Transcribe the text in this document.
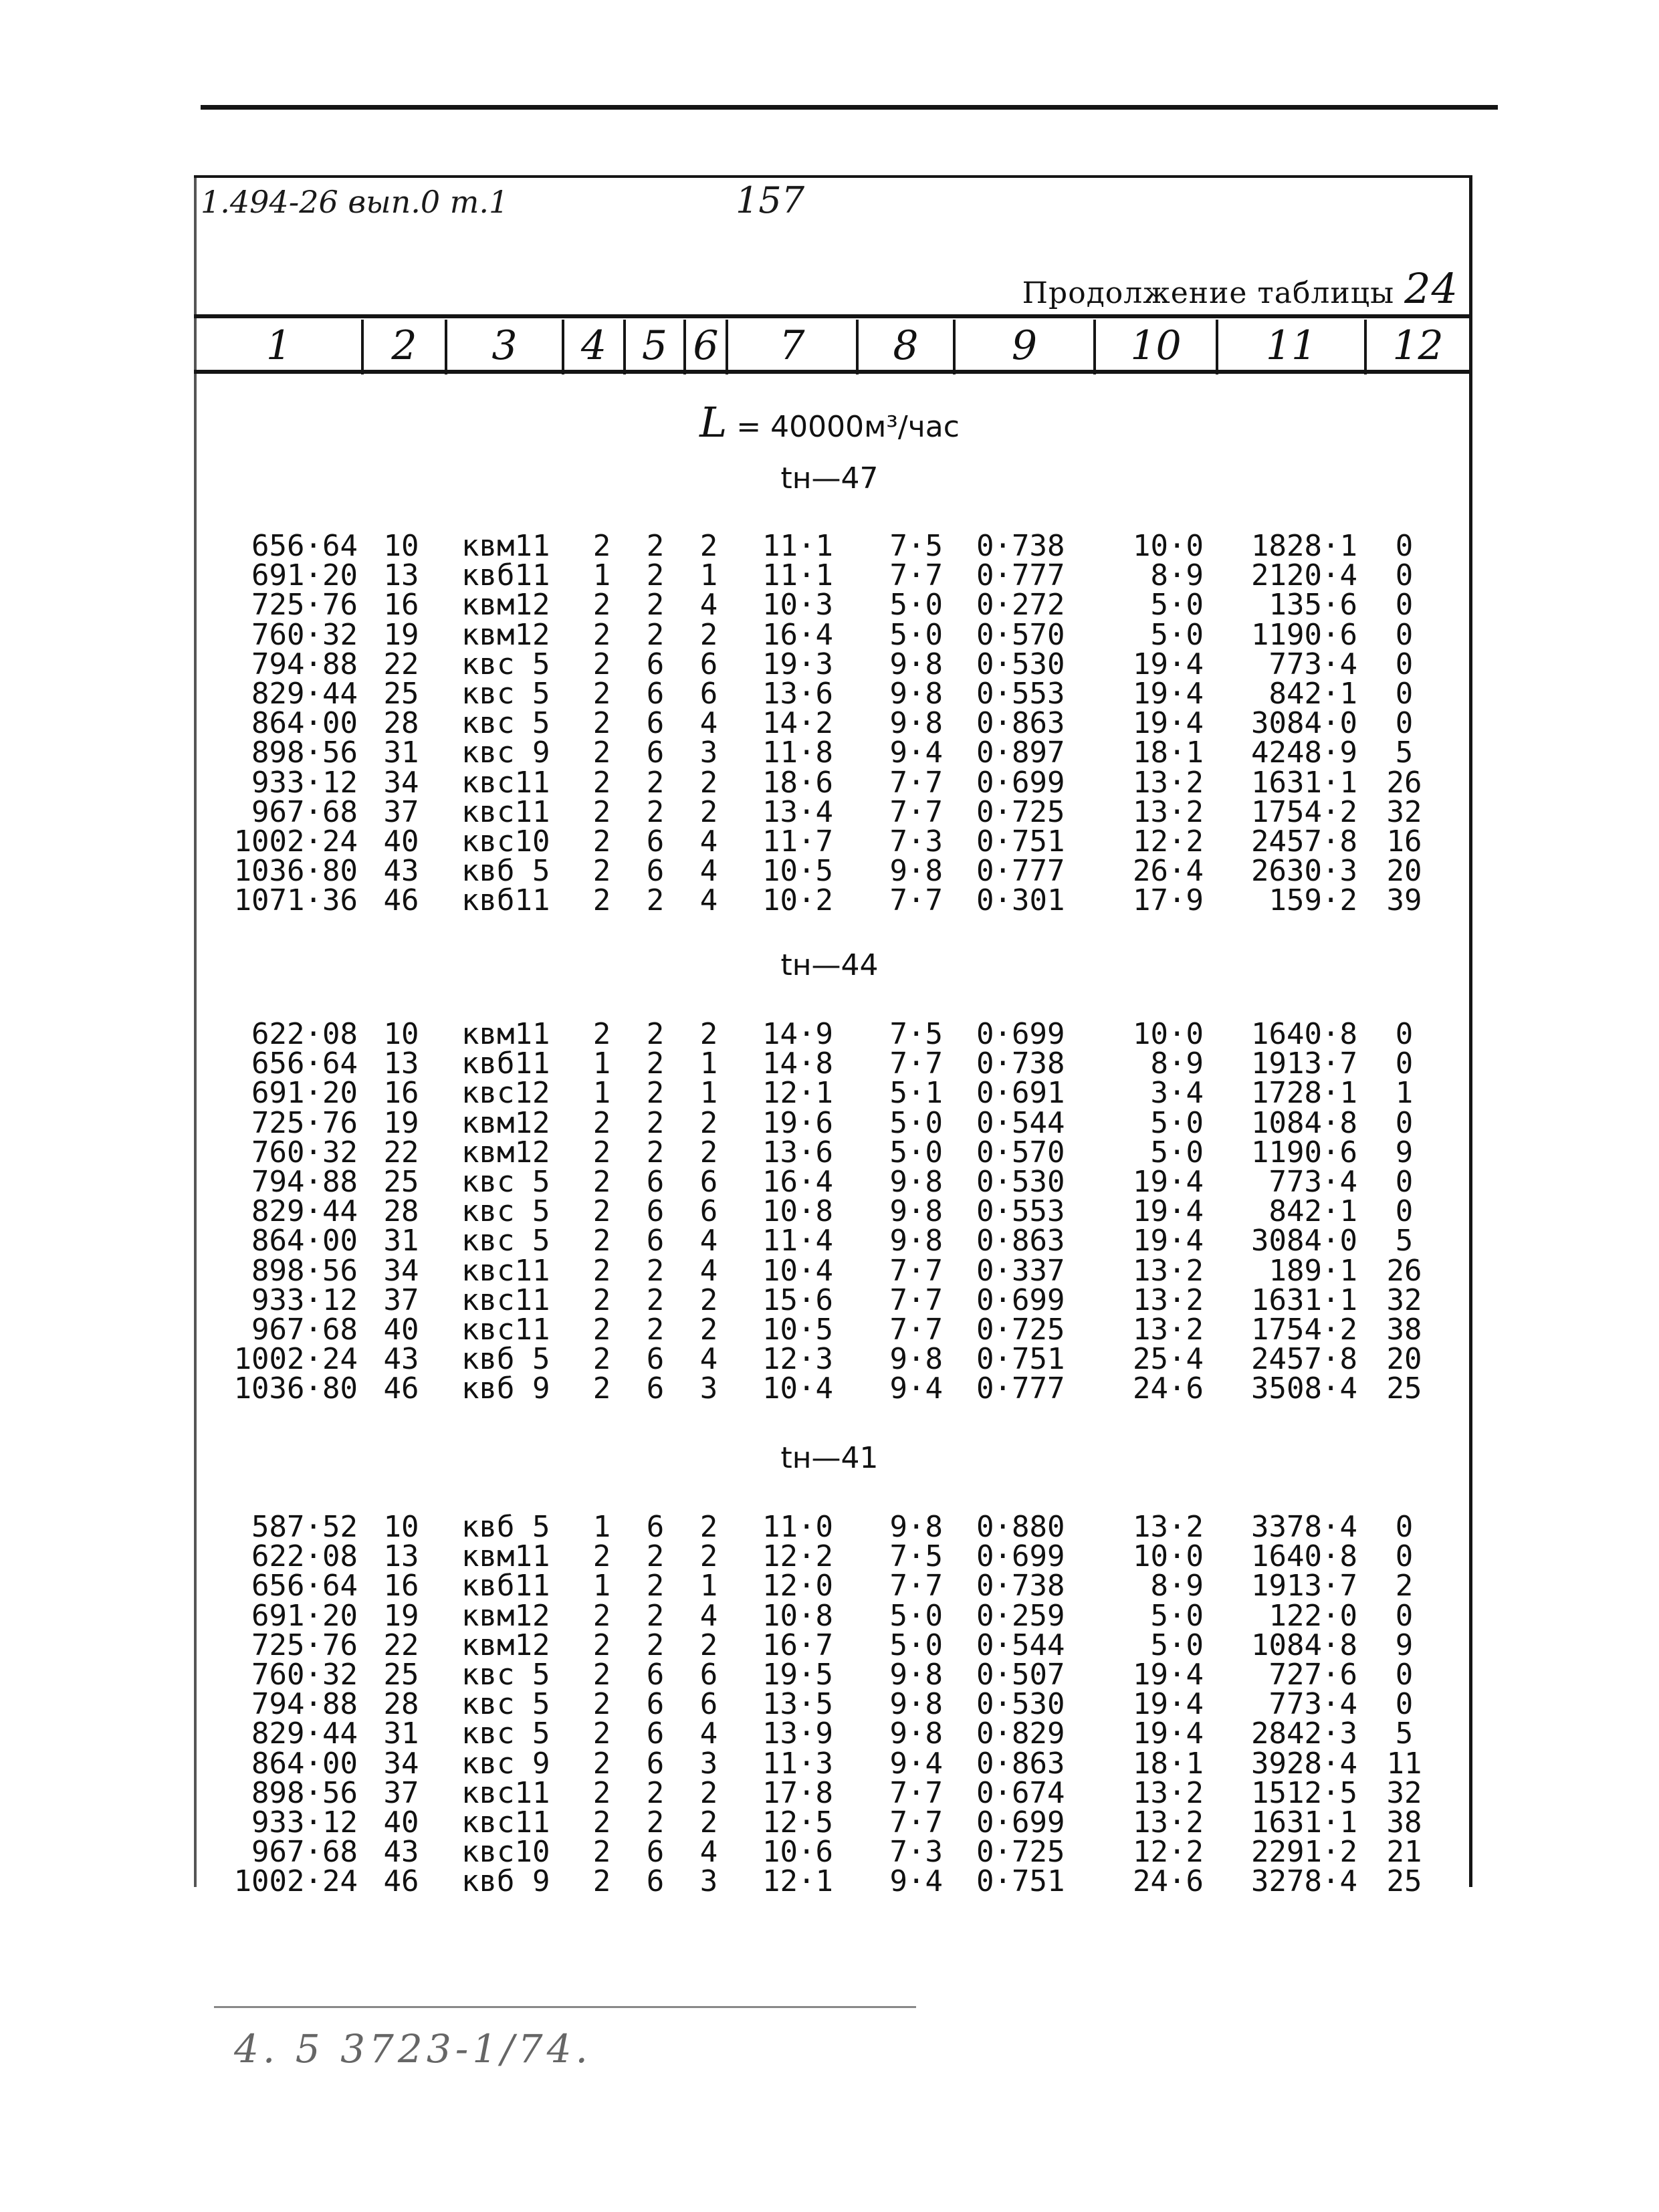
1.494-26 вып.0 т.1	157
Продолжение таблицы 24
1	2	3	4 5 6	7	8	9	10	11	12
L = 40000м³/час
tн—47
tн—44
tн—41
656·64 10	квм11	2 2 2 11·1	7·5 0·738	10·0	1828·1	0
691·20 13	квб11	1 2 1 11·1	7·7 0·777	8·9	2120·4	0
725·76 16	квм12	2 2 4 10·3	5·0 0·272	5·0	135·6	0
760·32 19	квм12	2 2 2 16·4	5·0 0·570	5·0	1190·6	0
794·88 22	квс 5	2 6 6 19·3	9·8 0·530	19·4	773·4	0
829·44 25	квс 5	2 6 6 13·6	9·8 0·553	19·4	842·1	0
864·00 28	квс 5	2 6 4 14·2	9·8 0·863	19·4	3084·0	0
898·56 31	квс 9	2 6 3 11·8	9·4 0·897	18·1	4248·9	5
933·12 34	квс11	2 2 2 18·6	7·7 0·699	13·2	1631·1 26
967·68 37	квс11	2 2 2 13·4	7·7 0·725	13·2	1754·2 32
1002·24 40	квс10	2 6 4 11·7	7·3 0·751	12·2	2457·8 16
1036·80 43	квб 5	2 6 4 10·5	9·8 0·777	26·4	2630·3 20
1071·36 46	квб11	2 2 4 10·2	7·7 0·301	17·9	159·2 39
622·08 10	квм11	2 2 2 14·9	7·5 0·699	10·0	1640·8	0
656·64 13	квб11	1 2 1 14·8	7·7 0·738	8·9	1913·7	0
691·20 16	квс12	1 2 1 12·1	5·1 0·691	3·4	1728·1	1
725·76 19	квм12	2 2 2 19·6	5·0 0·544	5·0	1084·8	0
760·32 22	квм12	2 2 2 13·6	5·0 0·570	5·0	1190·6	9
794·88 25	квс 5	2 6 6 16·4	9·8 0·530	19·4	773·4	0
829·44 28	квс 5	2 6 6 10·8	9·8 0·553	19·4	842·1	0
864·00 31	квс 5	2 6 4 11·4	9·8 0·863	19·4	3084·0	5
898·56 34	квс11	2 2 4 10·4	7·7 0·337	13·2	189·1 26
933·12 37	квс11	2 2 2 15·6	7·7 0·699	13·2	1631·1 32
967·68 40	квс11	2 2 2 10·5	7·7 0·725	13·2	1754·2 38
1002·24 43	квб 5	2 6 4 12·3	9·8 0·751	25·4	2457·8 20
1036·80 46	квб 9	2 6 3 10·4	9·4 0·777	24·6	3508·4 25
587·52 10	квб 5	1 6 2 11·0	9·8 0·880	13·2	3378·4	0
622·08 13	квм11	2 2 2 12·2	7·5 0·699	10·0	1640·8	0
656·64 16	квб11	1 2 1 12·0	7·7 0·738	8·9	1913·7	2
691·20 19	квм12	2 2 4 10·8	5·0 0·259	5·0	122·0	0
725·76 22	квм12	2 2 2 16·7	5·0 0·544	5·0	1084·8	9
760·32 25	квс 5	2 6 6 19·5	9·8 0·507	19·4	727·6	0
794·88 28	квс 5	2 6 6 13·5	9·8 0·530	19·4	773·4	0
829·44 31	квс 5	2 6 4 13·9	9·8 0·829	19·4	2842·3	5
864·00 34	квс 9	2 6 3 11·3	9·4 0·863	18·1	3928·4 11
898·56 37	квс11	2 2 2 17·8	7·7 0·674	13·2	1512·5 32
933·12 40	квс11	2 2 2 12·5	7·7 0·699	13·2	1631·1 38
967·68 43	квс10	2 6 4 10·6	7·3 0·725	12·2	2291·2 21
1002·24 46	квб 9	2 6 3 12·1	9·4 0·751	24·6	3278·4 25
4. 5 3723-1/74.
